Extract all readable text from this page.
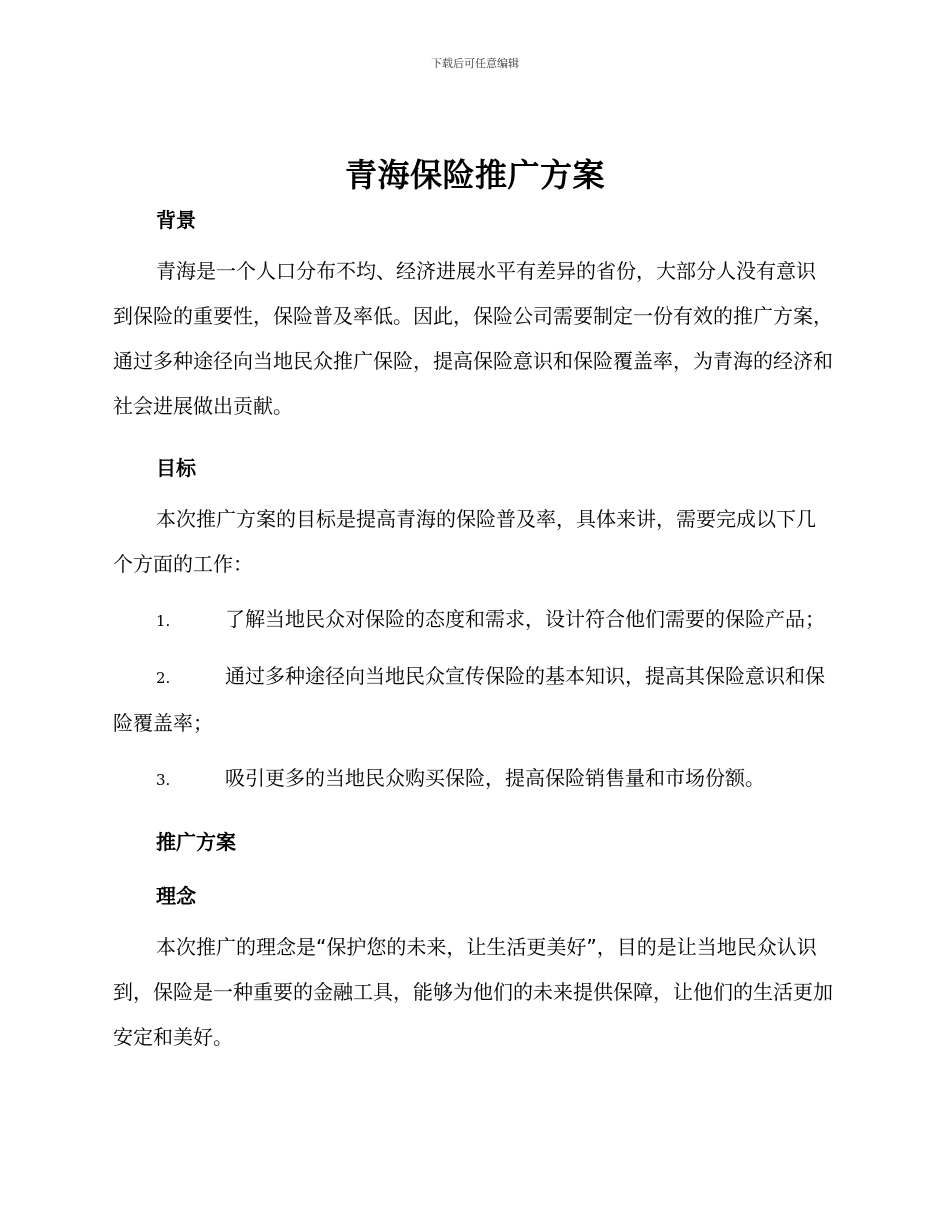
下载后可任意编辑
青海保险推广方案
背景

青海是一个人口分布不均、经济进展水平有差异的省份，大部分人没有意识到保险的重要性，保险普及率低。因此，保险公司需要制定一份有效的推广方案，通过多种途径向当地民众推广保险，提高保险意识和保险覆盖率，为青海的经济和社会进展做出贡献。

目标

本次推广方案的目标是提高青海的保险普及率，具体来讲，需要完成以下几个方面的工作：

1.	了解当地民众对保险的态度和需求，设计符合他们需要的保险产品；

2.	通过多种途径向当地民众宣传保险的基本知识，提高其保险意识和保险覆盖率；

3.	吸引更多的当地民众购买保险，提高保险销售量和市场份额。

推广方案
理念

本次推广的理念是“保护您的未来，让生活更美好”，目的是让当地民众认识到，保险是一种重要的金融工具，能够为他们的未来提供保障，让他们的生活更加安定和美好。
